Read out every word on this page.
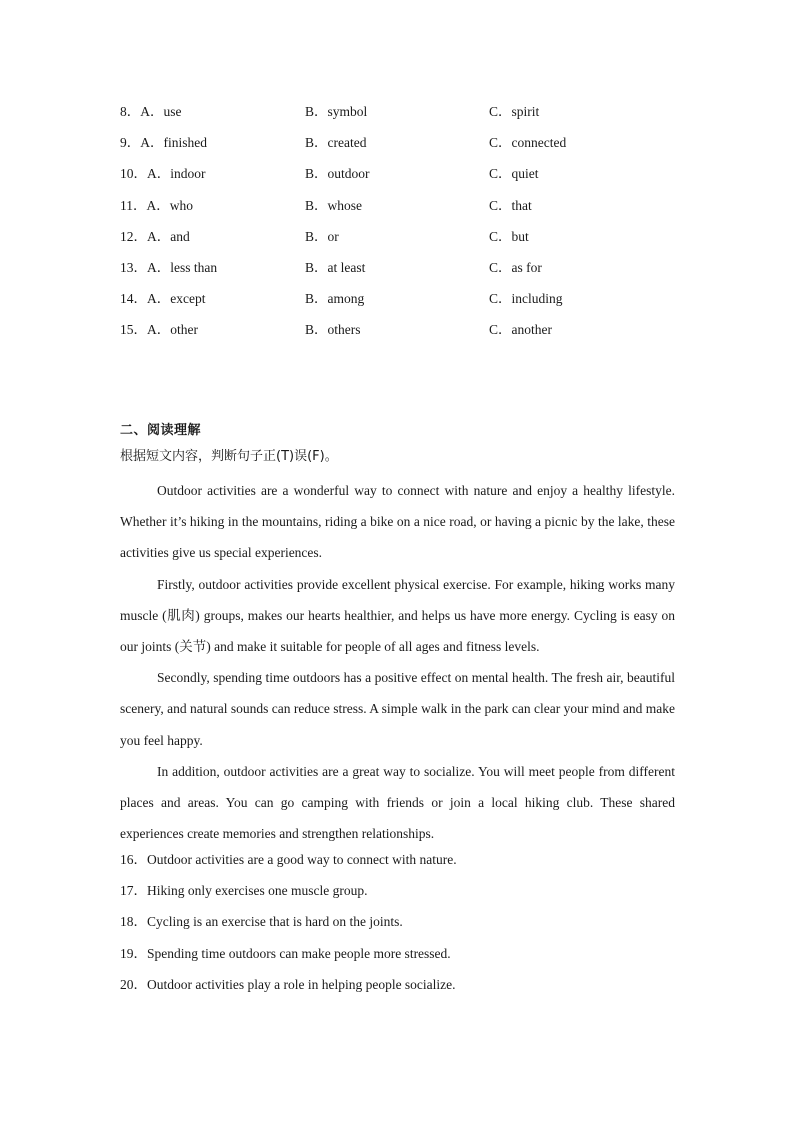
8．A．use	B．symbol	C．spirit
9．A．finished	B．created	C．connected
10．A．indoor	B．outdoor	C．quiet
11．A．who	B．whose	C．that
12．A．and	B．or	C．but
13．A．less than	B．at least	C．as for
14．A．except	B．among	C．including
15．A．other	B．others	C．another
二、阅读理解
根据短文内容，判断句子正(T)误(F)。

Outdoor activities are a wonderful way to connect with nature and enjoy a healthy lifestyle. Whether it’s hiking in the mountains, riding a bike on a nice road, or having a picnic by the lake, these activities give us special experiences.

Firstly, outdoor activities provide excellent physical exercise. For example, hiking works many muscle (肌肉) groups, makes our hearts healthier, and helps us have more energy. Cycling is easy on our joints (关节) and make it suitable for people of all ages and fitness levels.

Secondly, spending time outdoors has a positive effect on mental health. The fresh air, beautiful scenery, and natural sounds can reduce stress. A simple walk in the park can clear your mind and make you feel happy.

In addition, outdoor activities are a great way to socialize. You will meet people from different places and areas. You can go camping with friends or join a local hiking club. These shared experiences create memories and strengthen relationships.

16．Outdoor activities are a good way to connect with nature.
17．Hiking only exercises one muscle group.
18．Cycling is an exercise that is hard on the joints.
19．Spending time outdoors can make people more stressed.
20．Outdoor activities play a role in helping people socialize.
